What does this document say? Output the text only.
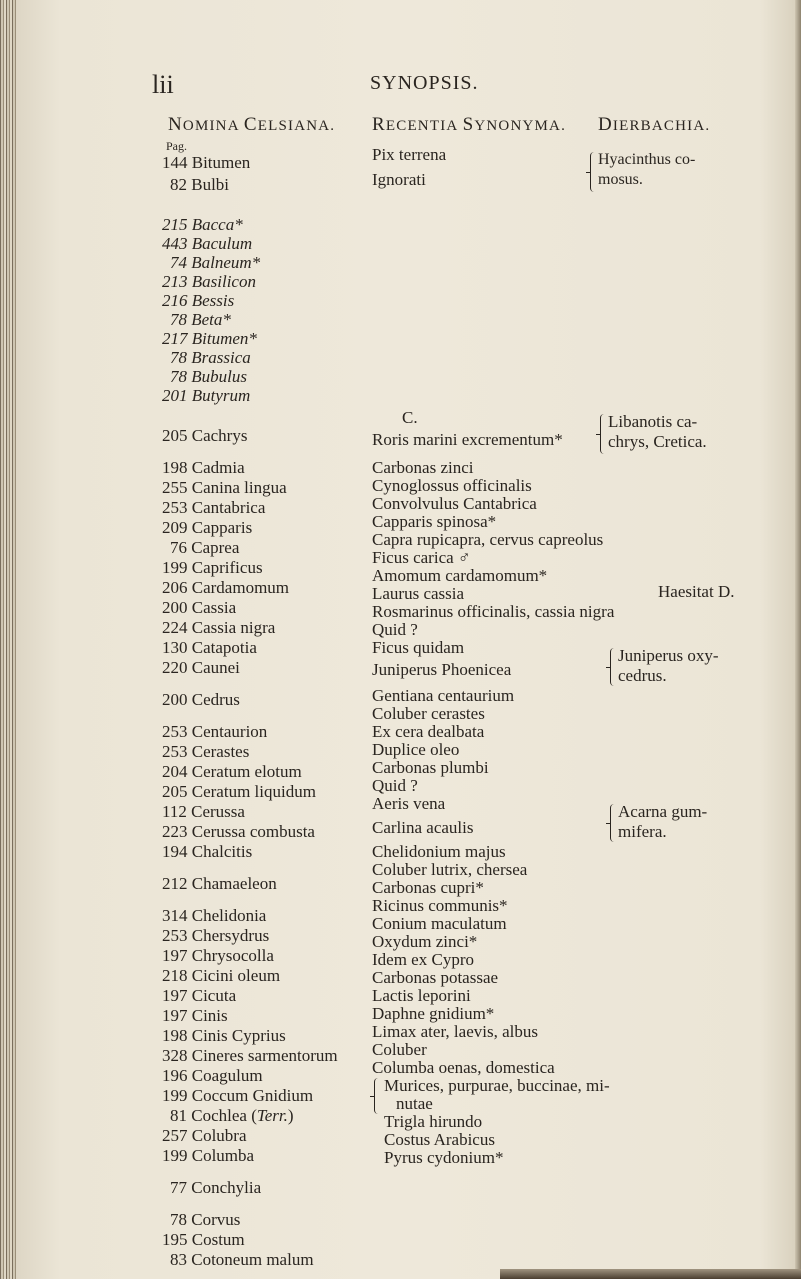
lii	SYNOPSIS.
NOMINA CELSIANA. RECENTIA SYNONYMA. DIERBACHIA.
Pag.
144 Bitumen
82 Bulbi
215 Bacca*
443 Baculum
74 Balneum*
213 Basilicon
216 Bessis
78 Beta*
217 Bitumen*
78 Brassica
78 Bubulus
201 Butyrum
205 Cachrys
198 Cadmia
255 Canina lingua
253 Cantabrica
209 Capparis
76 Caprea
199 Caprificus
206 Cardamomum
200 Cassia
224 Cassia nigra
130 Catapotia
220 Caunei
200 Cedrus
253 Centaurion
253 Cerastes
204 Ceratum elotum
205 Ceratum liquidum
112 Cerussa
223 Cerussa combusta
194 Chalcitis
212 Chamaeleon
314 Chelidonia
253 Chersydrus
197 Chrysocolla
218 Cicini oleum
197 Cicuta
197 Cinis
198 Cinis Cyprius
328 Cineres sarmentorum
196 Coagulum
199 Coccum Gnidium
81 Cochlea (Terr.)
257 Colubra
199 Columba
77 Conchylia
78 Corvus
195 Costum
83 Cotoneum malum
Pix terrena
Ignorati
C.
Roris marini excrementum*
Carbonas zinci
Cynoglossus officinalis
Convolvulus Cantabrica
Capparis spinosa*
Capra rupicapra, cervus capreolus
Ficus carica ♂
Amomum cardamomum*
Laurus cassia
Rosmarinus officinalis, cassia nigra
Quid ?
Ficus quidam
Juniperus Phoenicea
Gentiana centaurium
Coluber cerastes
Ex cera dealbata
Duplice oleo
Carbonas plumbi
Quid ?
Aeris vena
Carlina acaulis
Chelidonium majus
Coluber lutrix, chersea
Carbonas cupri*
Ricinus communis*
Conium maculatum
Oxydum zinci*
Idem ex Cypro
Carbonas potassae
Lactis leporini
Daphne gnidium*
Limax ater, laevis, albus
Coluber
Columba oenas, domestica
Murices, purpurae, buccinae, mi-
nutae
Trigla hirundo
Costus Arabicus
Pyrus cydonium*
Hyacinthus co-
mosus.
Libanotis ca-
chrys, Cretica.
Haesitat D.
Juniperus oxy-
cedrus.
Acarna gum-
mifera.
